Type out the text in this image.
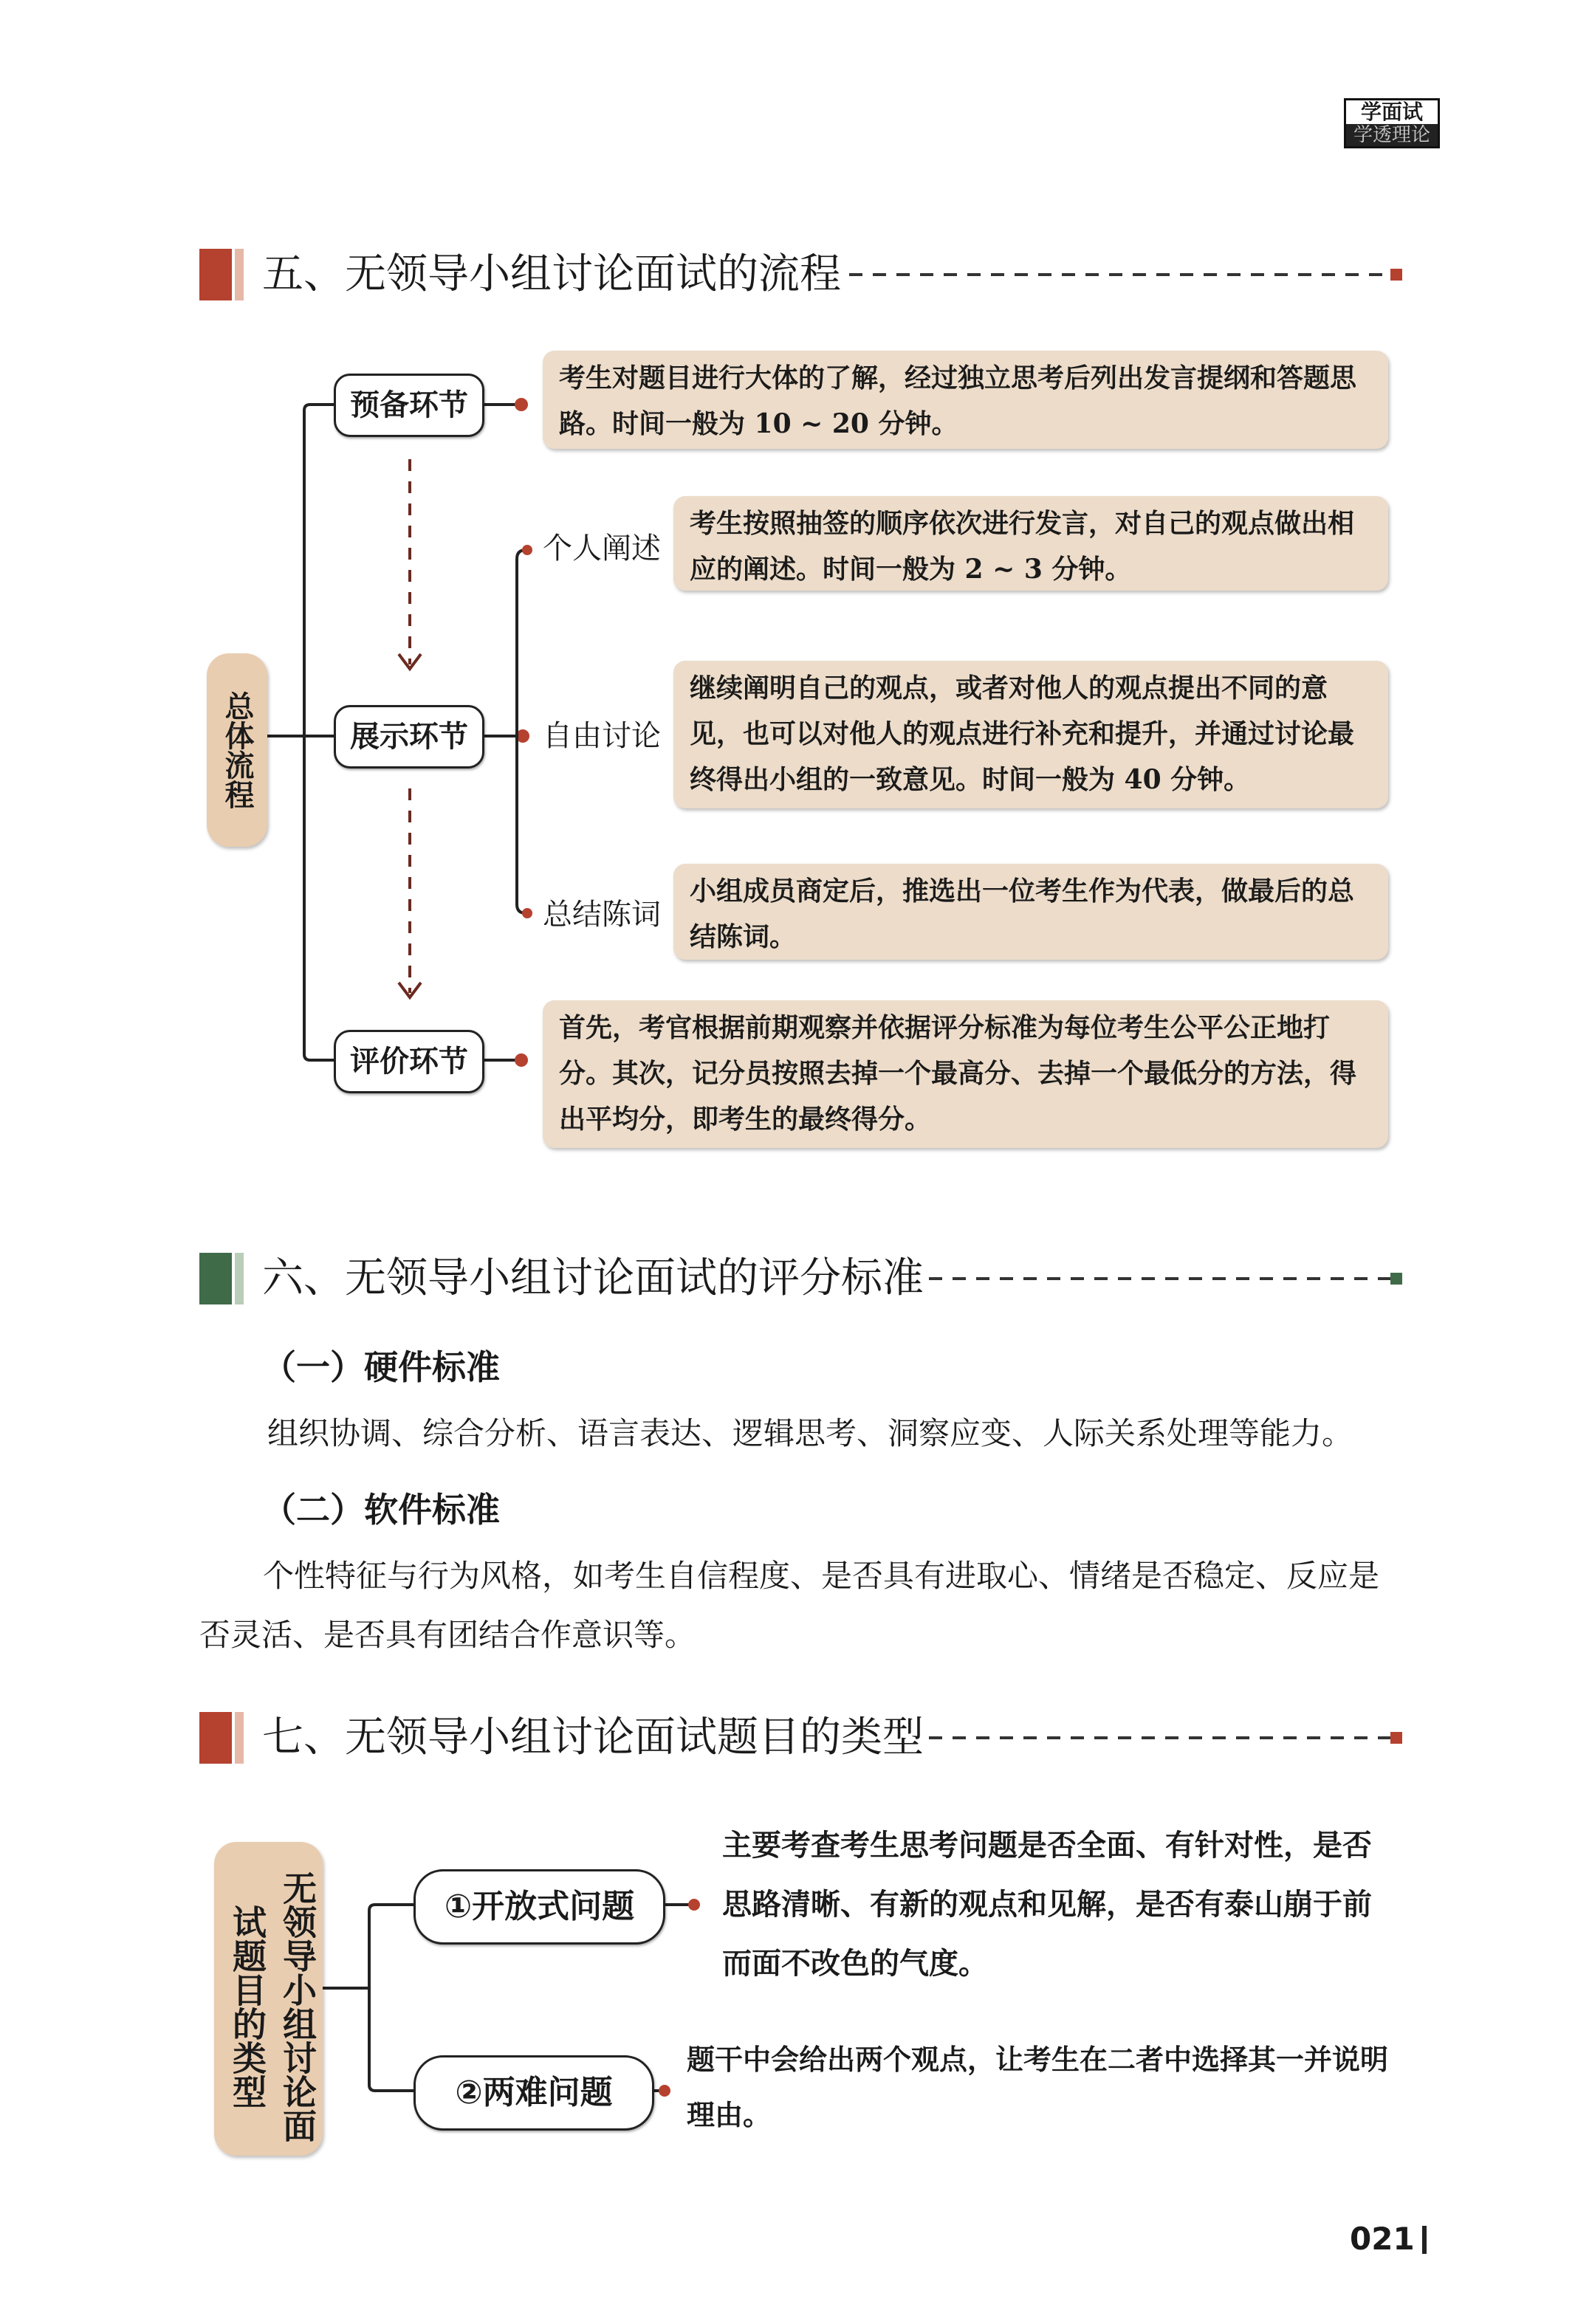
学面试
学透理论
五、无领导小组讨论面试的流程
总体流程
预备环节
考生对题目进行大体的了解，经过独立思考后列出发言提纲和答题思路。时间一般为 10 ~ 20 分钟。
展示环节
个人阐述
考生按照抽签的顺序依次进行发言，对自己的观点做出相应的阐述。时间一般为 2 ~ 3 分钟。
自由讨论
继续阐明自己的观点，或者对他人的观点提出不同的意见，也可以对他人的观点进行补充和提升，并通过讨论最终得出小组的一致意见。时间一般为 40 分钟。
总结陈词
小组成员商定后，推选出一位考生作为代表，做最后的总结陈词。
评价环节
首先，考官根据前期观察并依据评分标准为每位考生公平公正地打分。其次，记分员按照去掉一个最高分、去掉一个最低分的方法，得出平均分，即考生的最终得分。
六、无领导小组讨论面试的评分标准
（一）硬件标准
组织协调、综合分析、语言表达、逻辑思考、洞察应变、人际关系处理等能力。
（二）软件标准
个性特征与行为风格，如考生自信程度、是否具有进取心、情绪是否稳定、反应是否灵活、是否具有团结合作意识等。
七、无领导小组讨论面试题目的类型
无领导小组讨论面试题目的类型	①开放式问题
主要考查考生思考问题是否全面、有针对性，是否思路清晰、有新的观点和见解，是否有泰山崩于前而面不改色的气度。
②两难问题
题干中会给出两个观点，让考生在二者中选择其一并说明理由。
021
